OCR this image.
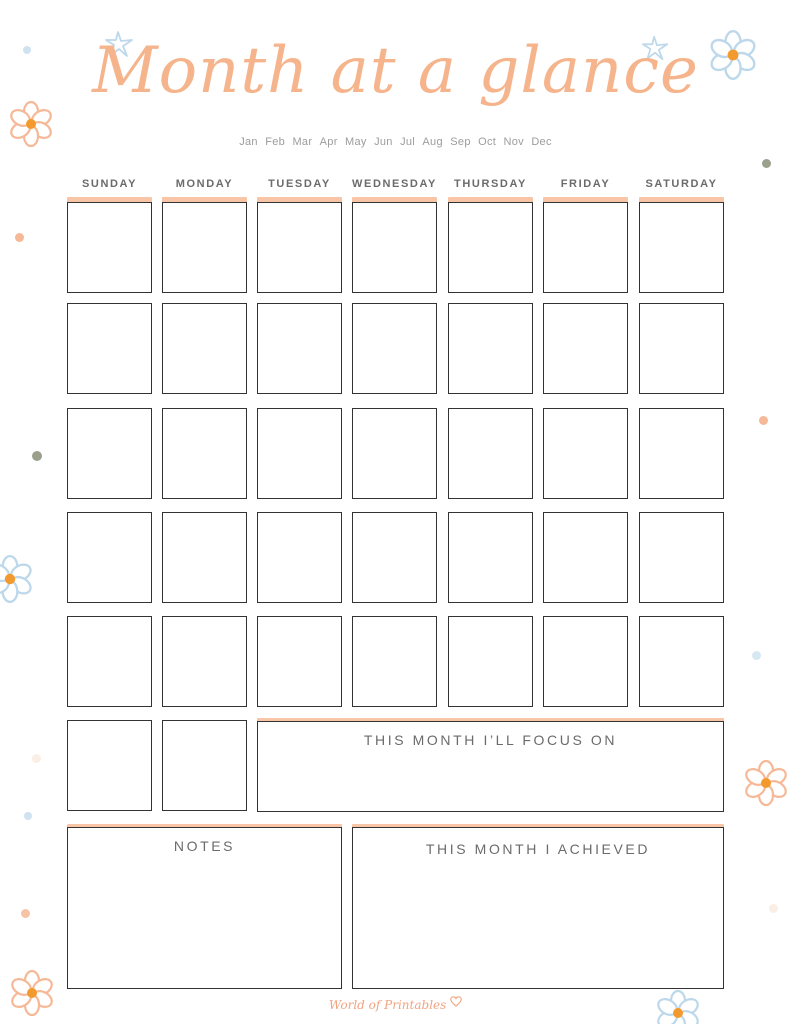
Month at a glance
Jan Feb Mar Apr May Jun Jul Aug Sep Oct Nov Dec
SUNDAY	MONDAY	TUESDAY	WEDNESDAY	THURSDAY	FRIDAY	SATURDAY
THIS MONTH I’LL FOCUS ON
NOTES	THIS MONTH I ACHIEVED
World of Printables
